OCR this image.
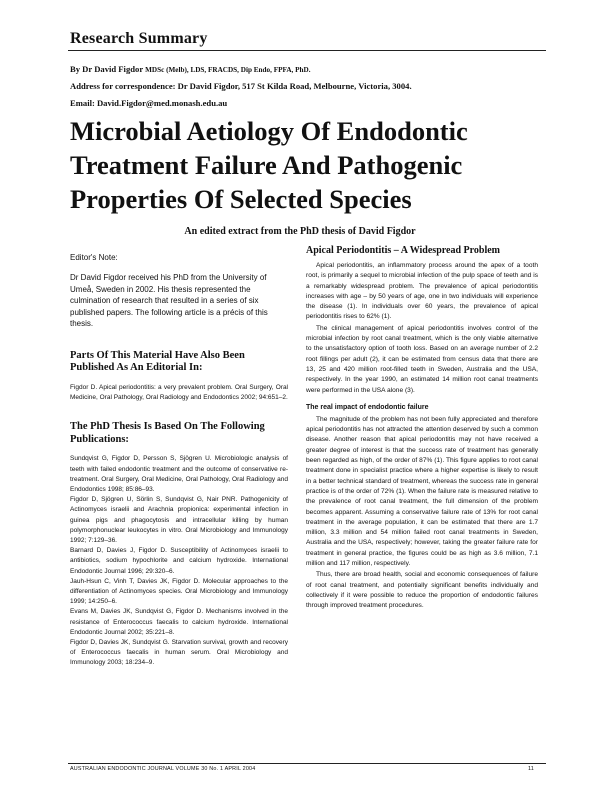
Research Summary
By Dr David Figdor MDSc (Melb), LDS, FRACDS, Dip Endo, FPFA, PhD.
Address for correspondence: Dr David Figdor, 517 St Kilda Road, Melbourne, Victoria, 3004.
Email: David.Figdor@med.monash.edu.au
Microbial Aetiology Of Endodontic
Treatment Failure And Pathogenic
Properties Of Selected Species
An edited extract from the PhD thesis of David Figdor
Editor's Note:
Dr David Figdor received his PhD from the University of Umeå, Sweden in 2002. His thesis represented the culmination of research that resulted in a series of six published papers. The following article is a précis of this thesis.
Parts Of This Material Have Also Been Published As An Editorial In:

Figdor D. Apical periodontitis: a very prevalent problem. Oral Surgery, Oral Medicine, Oral Pathology, Oral Radiology and Endodontics 2002; 94:651–2.

The PhD Thesis Is Based On The Following Publications:

Sundqvist G, Figdor D, Persson S, Sjögren U. Microbiologic analysis of teeth with failed endodontic treatment and the outcome of conservative re-treatment. Oral Surgery, Oral Medicine, Oral Pathology, Oral Radiology and Endodontics 1998; 85:86–93.

Figdor D, Sjögren U, Sörlin S, Sundqvist G, Nair PNR. Pathogenicity of Actinomyces israelii and Arachnia propionica: experimental infection in guinea pigs and phagocytosis and intracellular killing by human polymorphonuclear leukocytes in vitro. Oral Microbiology and Immunology 1992; 7:129–36.

Barnard D, Davies J, Figdor D. Susceptibility of Actinomyces israelii to antibiotics, sodium hypochlorite and calcium hydroxide. International Endodontic Journal 1996; 29:320–6.

Jauh-Hsun C, Vinh T, Davies JK, Figdor D. Molecular approaches to the differentiation of Actinomyces species. Oral Microbiology and Immunology 1999; 14:250–6.

Evans M, Davies JK, Sundqvist G, Figdor D. Mechanisms involved in the resistance of Enterococcus faecalis to calcium hydroxide. International Endodontic Journal 2002; 35:221–8.

Figdor D, Davies JK, Sundqvist G. Starvation survival, growth and recovery of Enterococcus faecalis in human serum. Oral Microbiology and Immunology 2003; 18:234–9.

Apical Periodontitis – A Widespread Problem

Apical periodontitis, an inflammatory process around the apex of a tooth root, is primarily a sequel to microbial infection of the pulp space of teeth and is a remarkably widespread problem. The prevalence of apical periodontitis increases with age – by 50 years of age, one in two individuals will experience the disease (1). In individuals over 60 years, the prevalence of apical periodontitis rises to 62% (1).

The clinical management of apical periodontitis involves control of the microbial infection by root canal treatment, which is the only viable alternative to the unsatisfactory option of tooth loss. Based on an average number of 2.2 root fillings per adult (2), it can be estimated from census data that there are 13, 25 and 420 million root-filled teeth in Sweden, Australia and the USA, respectively. In the year 1990, an estimated 14 million root canal treatments were performed in the USA alone (3).

The real impact of endodontic failure

The magnitude of the problem has not been fully appreciated and therefore apical periodontitis has not attracted the attention deserved by such a common disease. Another reason that apical periodontitis may not have received a greater degree of interest is that the success rate of treatment has generally been regarded as high, of the order of 87% (1). This figure applies to root canal treatment done in specialist practice where a higher expertise is likely to result in a better technical standard of treatment, whereas the success rate in general practice is of the order of 72% (1). When the failure rate is measured relative to the prevalence of root canal treatment, the full dimension of the problem becomes apparent. Assuming a conservative failure rate of 13% for root canal treatment in the average population, it can be estimated that there are 1.7 million, 3.3 million and 54 million failed root canal treatments in Sweden, Australia and the USA, respectively; however, taking the greater failure rate for treatment in general practice, the figures could be as high as 3.6 million, 7.1 million and 117 million, respectively.

Thus, there are broad health, social and economic consequences of failure of root canal treatment, and potentially significant benefits individually and collectively if it were possible to reduce the proportion of endodontic failures through improved treatment procedures.

AUSTRALIAN ENDODONTIC JOURNAL VOLUME 30 No. 1 APRIL 2004	11
